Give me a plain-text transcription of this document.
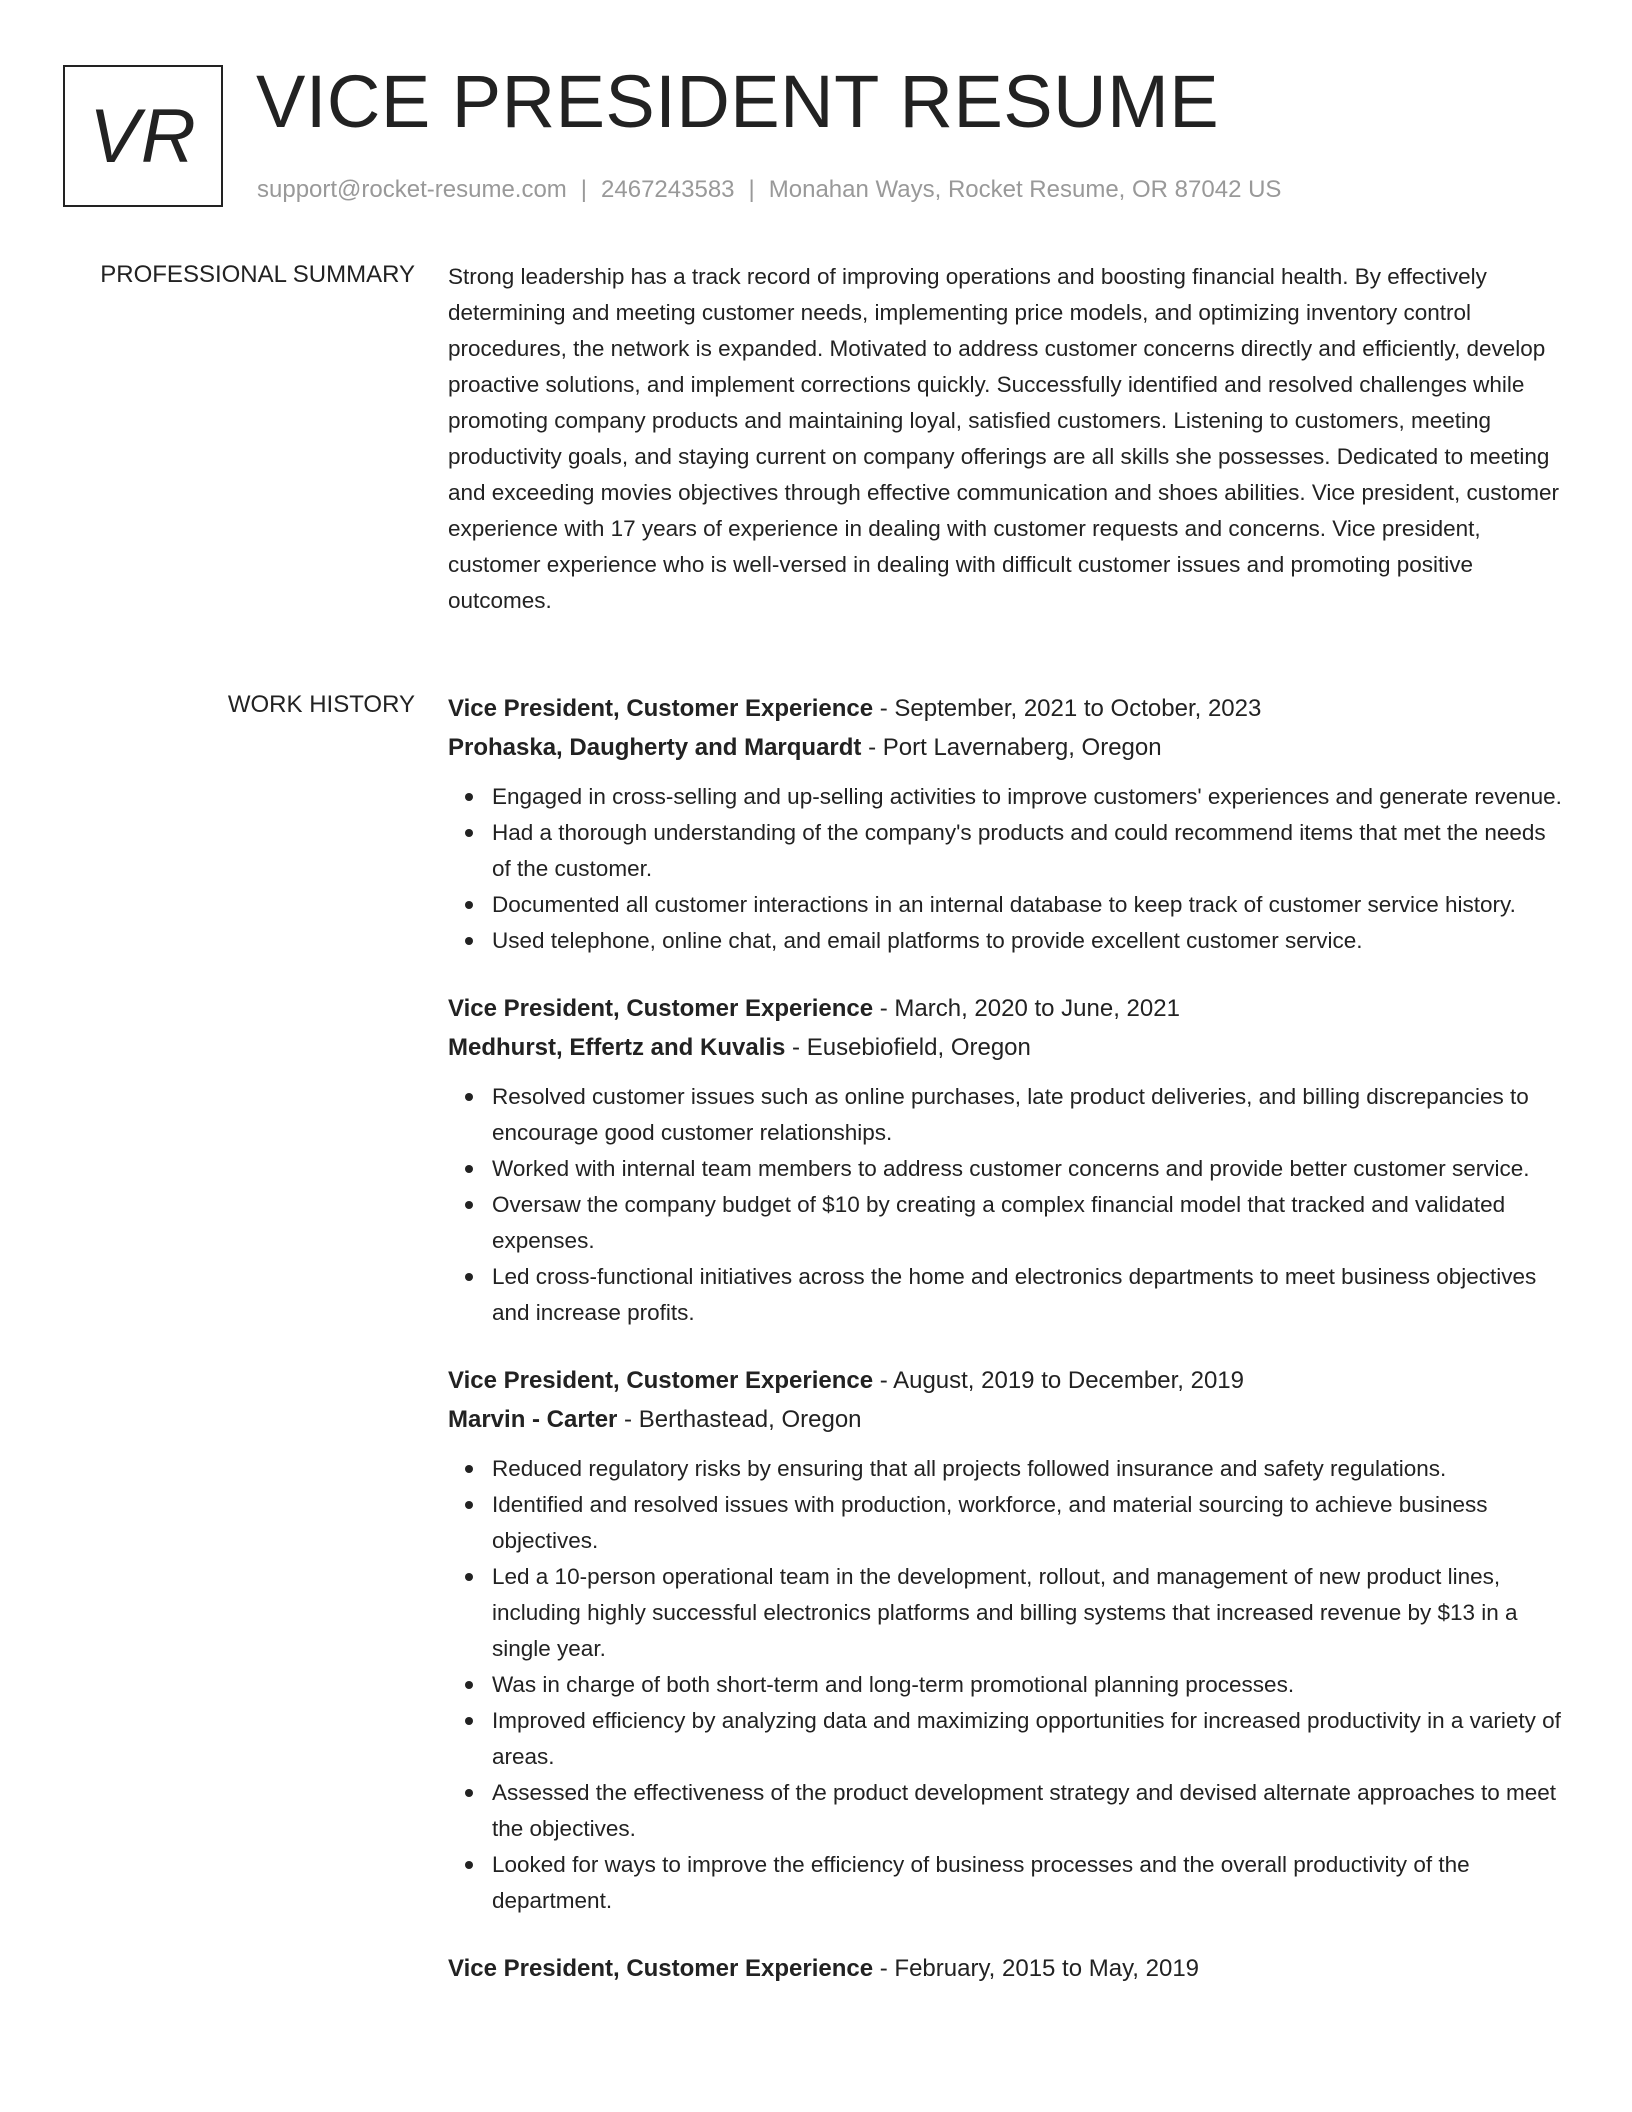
VR VICE PRESIDENT RESUME
support@rocket-resume.com | 2467243583 | Monahan Ways, Rocket Resume, OR 87042 US
PROFESSIONAL SUMMARY Strong leadership has a track record of improving operations and boosting financial health. By effectively determining and meeting customer needs, implementing price models, and optimizing inventory control procedures, the network is expanded. Motivated to address customer concerns directly and efficiently, develop proactive solutions, and implement corrections quickly. Successfully identified and resolved challenges while promoting company products and maintaining loyal, satisfied customers. Listening to customers, meeting productivity goals, and staying current on company offerings are all skills she possesses. Dedicated to meeting and exceeding movies objectives through effective communication and shoes abilities. Vice president, customer experience with 17 years of experience in dealing with customer requests and concerns. Vice president, customer experience who is well-versed in dealing with difficult customer issues and promoting positive outcomes.

WORK HISTORY Vice President, Customer Experience - September, 2021 to October, 2023
Prohaska, Daugherty and Marquardt - Port Lavernaberg, Oregon
Engaged in cross-selling and up-selling activities to improve customers' experiences and generate revenue.
Had a thorough understanding of the company's products and could recommend items that met the needs of the customer.
Documented all customer interactions in an internal database to keep track of customer service history.
Used telephone, online chat, and email platforms to provide excellent customer service.
Vice President, Customer Experience - March, 2020 to June, 2021
Medhurst, Effertz and Kuvalis - Eusebiofield, Oregon
Resolved customer issues such as online purchases, late product deliveries, and billing discrepancies to encourage good customer relationships.
Worked with internal team members to address customer concerns and provide better customer service.
Oversaw the company budget of $10 by creating a complex financial model that tracked and validated expenses.
Led cross-functional initiatives across the home and electronics departments to meet business objectives and increase profits.
Vice President, Customer Experience - August, 2019 to December, 2019
Marvin - Carter - Berthastead, Oregon
Reduced regulatory risks by ensuring that all projects followed insurance and safety regulations.
Identified and resolved issues with production, workforce, and material sourcing to achieve business objectives.
Led a 10-person operational team in the development, rollout, and management of new product lines, including highly successful electronics platforms and billing systems that increased revenue by $13 in a single year.
Was in charge of both short-term and long-term promotional planning processes.
Improved efficiency by analyzing data and maximizing opportunities for increased productivity in a variety of areas.
Assessed the effectiveness of the product development strategy and devised alternate approaches to meet the objectives.
Looked for ways to improve the efficiency of business processes and the overall productivity of the department.
Vice President, Customer Experience - February, 2015 to May, 2019
